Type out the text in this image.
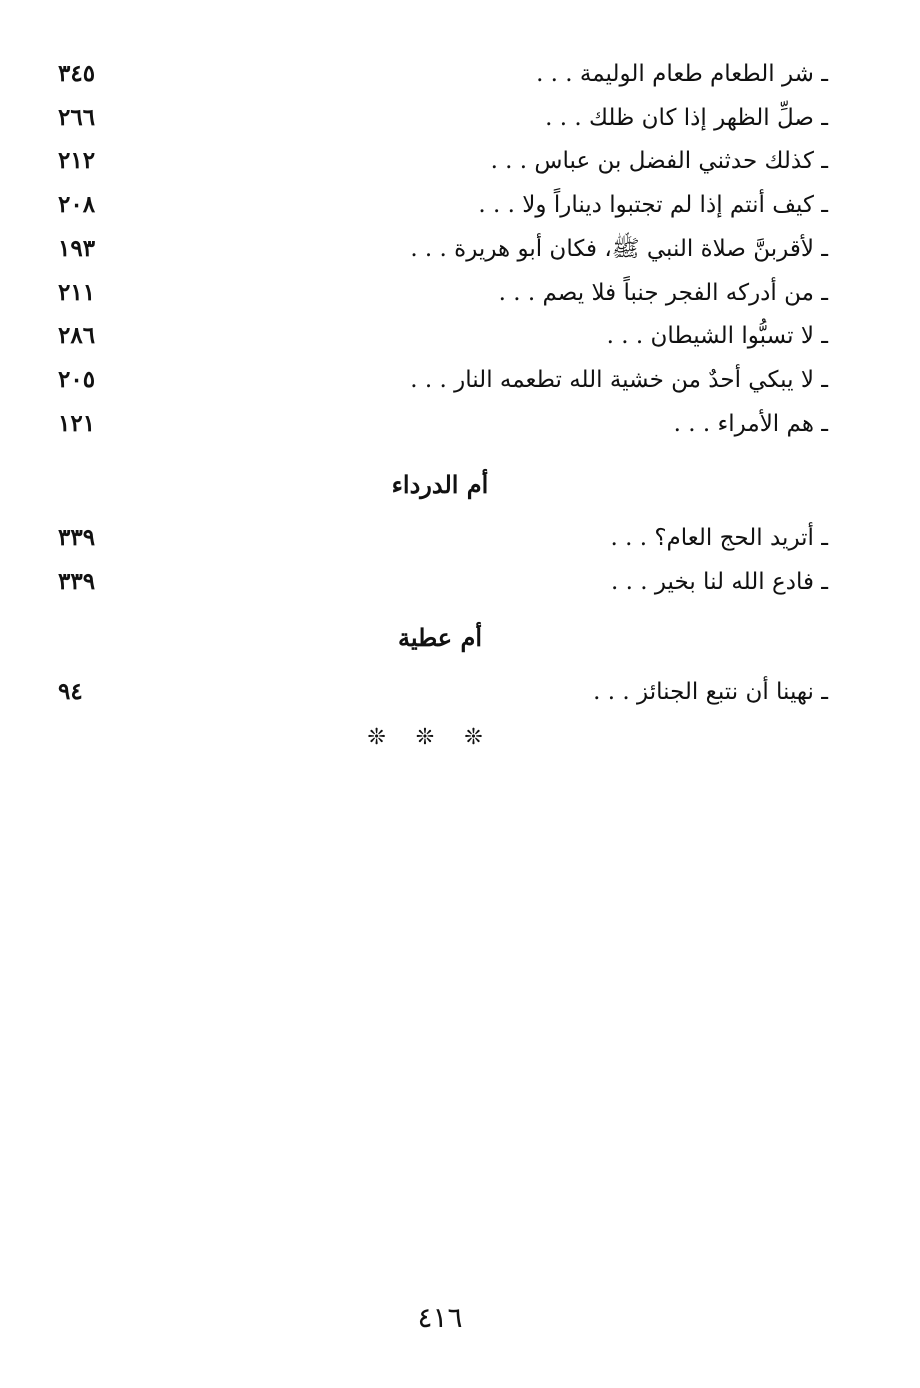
ـ شر الطعام طعام الوليمة . . .
٣٤٥
ـ صلِّ الظهر إذا كان ظلك . . .
٢٦٦
ـ كذلك حدثني الفضل بن عباس . . .
٢١٢
ـ كيف أنتم إذا لم تجتبوا ديناراً ولا . . .
٢٠٨
ـ لأقربنَّ صلاة النبي ﷺ، فكان أبو هريرة . . .
١٩٣
ـ من أدركه الفجر جنباً فلا يصم . . .
٢١١
ـ لا تسبُّوا الشيطان . . .
٢٨٦
ـ لا يبكي أحدٌ من خشية الله تطعمه النار . . .
٢٠٥
ـ هم الأمراء . . .
١٢١
أم الدرداء
ـ أتريد الحج العام؟ . . .
٣٣٩
ـ فادع الله لنا بخير . . .
٣٣٩
أم عطية
ـ نهينا أن نتبع الجنائز . . .
٩٤
❊❊❊
٤١٦
